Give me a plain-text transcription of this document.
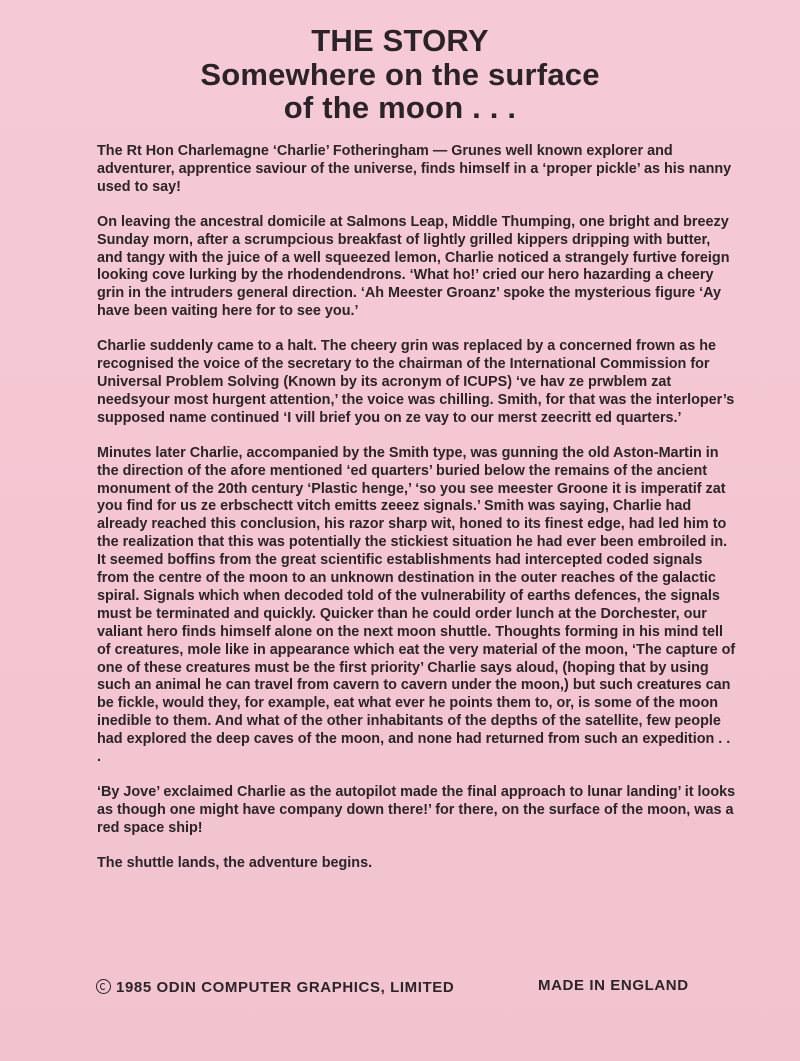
THE STORY
Somewhere on the surface
of the moon . . .

The Rt Hon Charlemagne ‘Charlie’ Fotheringham — Grunes well known explorer and adventurer, apprentice saviour of the universe, finds himself in a ‘proper pickle’ as his nanny used to say!

On leaving the ancestral domicile at Salmons Leap, Middle Thumping, one bright and breezy Sunday morn, after a scrumpcious breakfast of lightly grilled kippers dripping with butter, and tangy with the juice of a well squeezed lemon, Charlie noticed a strangely furtive foreign looking cove lurking by the rhodendendrons. ‘What ho!’ cried our hero hazarding a cheery grin in the intruders general direction. ‘Ah Meester Groanz’ spoke the mysterious figure ‘Ay have been vaiting here for to see you.’

Charlie suddenly came to a halt. The cheery grin was replaced by a concerned frown as he recognised the voice of the secretary to the chairman of the International Commission for Universal Problem Solving (Known by its acronym of ICUPS) ‘ve hav ze prwblem zat needsyour most hurgent attention,’ the voice was chilling. Smith, for that was the interloper’s supposed name continued ‘I vill brief you on ze vay to our merst zeecritt ed quarters.’

Minutes later Charlie, accompanied by the Smith type, was gunning the old Aston-Martin in the direction of the afore mentioned ‘ed quarters’ buried below the remains of the ancient monument of the 20th century ‘Plastic henge,’ ‘so you see meester Groone it is imperatif zat you find for us ze erbschectt vitch emitts zeeez signals.’ Smith was saying, Charlie had already reached this conclusion, his razor sharp wit, honed to its finest edge, had led him to the realization that this was potentially the stickiest situation he had ever been embroiled in. It seemed boffins from the great scientific establishments had intercepted coded signals from the centre of the moon to an unknown destination in the outer reaches of the galactic spiral. Signals which when decoded told of the vulnerability of earths defences, the signals must be terminated and quickly. Quicker than he could order lunch at the Dorchester, our valiant hero finds himself alone on the next moon shuttle. Thoughts forming in his mind tell of creatures, mole like in appearance which eat the very material of the moon, ‘The capture of one of these creatures must be the first priority’ Charlie says aloud, (hoping that by using such an animal he can travel from cavern to cavern under the moon,) but such creatures can be fickle, would they, for example, eat what ever he points them to, or, is some of the moon inedible to them. And what of the other inhabitants of the depths of the satellite, few people had explored the deep caves of the moon, and none had returned from such an expedition . . .

‘By Jove’ exclaimed Charlie as the autopilot made the final approach to lunar landing’ it looks as though one might have company down there!’ for there, on the surface of the moon, was a red space ship!

The shuttle lands, the adventure begins.

1985 ODIN COMPUTER GRAPHICS, LIMITED	MADE IN ENGLAND
